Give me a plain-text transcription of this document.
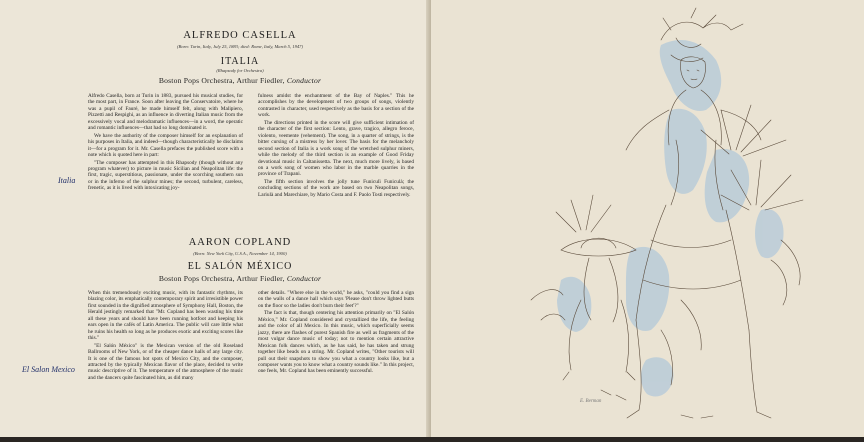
ALFREDO CASELLA
(Born: Turin, Italy, July 25, 1883; died: Rome, Italy, March 5, 1947)
ITALIA
(Rhapsody for Orchestra)
Boston Pops Orchestra, Arthur Fiedler, Conductor
Italia

Alfredo Casella, born at Turin in 1883, pursued his musical studies, for the most part, in France. Soon after leaving the Conservatoire, where he was a pupil of Fauré, he made himself felt, along with Malipiero, Pizzetti and Respighi, as an influence in diverting Italian music from the excessively vocal and melodramatic influences—in a word, the operatic and romantic influences—that had so long dominated it.

We have the authority of the composer himself for an explanation of his purposes in Italia, and indeed—though characteristically he disclaims it—for a program for it. Mr. Casella prefaces the published score with a note which is quoted here in part:

"The composer has attempted in this Rhapsody (though without any program whatever) to picture in music Sicilian and Neapolitan life: the first, tragic, superstitious, passionate, under the scorching southern sun or in the inferno of the sulphur mines; the second, turbulent, careless, frenetic, as it is lived with intoxicating joy-

fulness amidst the enchantment of the Bay of Naples." This he accomplishes by the development of two groups of songs, violently contrasted in character, used respectively as the basis for a section of the work.

The directions printed in the score will give sufficient intimation of the character of the first section: Lento, grave, tragico, allegro feroce, violento, veemente (vehement). The song, in a quarter of strings, is the bitter cursing of a mistress by her lover. The basis for the melancholy second section of Italia is a work song of the wretched sulphur miners, while the melody of the third section is an example of Good Friday devotional music in Caltanissetta. The next, much more lively, is based on a work song of women who labor in the marble quarries in the province of Trapani.

The fifth section involves the jolly tune Funiculì Funiculà; the concluding sections of the work are based on two Neapolitan songs, Lariulà and Marechiare, by Mario Costa and F. Paolo Tosti respectively.

AARON COPLAND
(Born: New York City, U.S.A., November 14, 1900)
EL SALÓN MÉXICO
Boston Pops Orchestra, Arthur Fiedler, Conductor
El Salon Mexico

When this tremendously exciting music, with its fantastic rhythms, its blazing color, its emphatically contemporary spirit and irresistible power first sounded in the dignified atmosphere of Symphony Hall, Boston, the Herald jestingly remarked that "Mr. Copland has been wasting his time all these years and should have been running hotfoot and keeping his ears open in the cafés of Latin America. The public will care little what he ruins his health so long as he produces exotic and exciting scores like this."

"El Salón México" is the Mexican version of the old Roseland Ballrooms of New York, or of the cheaper dance halls of any large city. It is one of the famous hot spots of Mexico City, and the composer, attracted by the typically Mexican flavor of the place, decided to write music descriptive of it. The temperature of the atmosphere of the music and the dancers quite fascinated him, as did many

other details. "Where else in the world," he asks, "could you find a sign on the walls of a dance hall which says 'Please don't throw lighted butts on the floor so the ladies don't burn their feet'?"

The fact is that, though centering his attention primarily on "El Salón México," Mr. Copland considered and crystallized the life, the feeling and the color of all Mexico. In this music, which superficially seems jazzy, there are flashes of purest Spanish fire as well as fragments of the most vulgar dance music of today; not to mention certain attractive Mexican folk dances which, as he has said, he has taken and strung together like beads on a string. Mr. Copland writes, "Other tourists will pull out their snapshots to show you what a country looks like, but a composer wants you to know what a country sounds like." In this project, one feels, Mr. Copland has been eminently successful.

E. Berman
